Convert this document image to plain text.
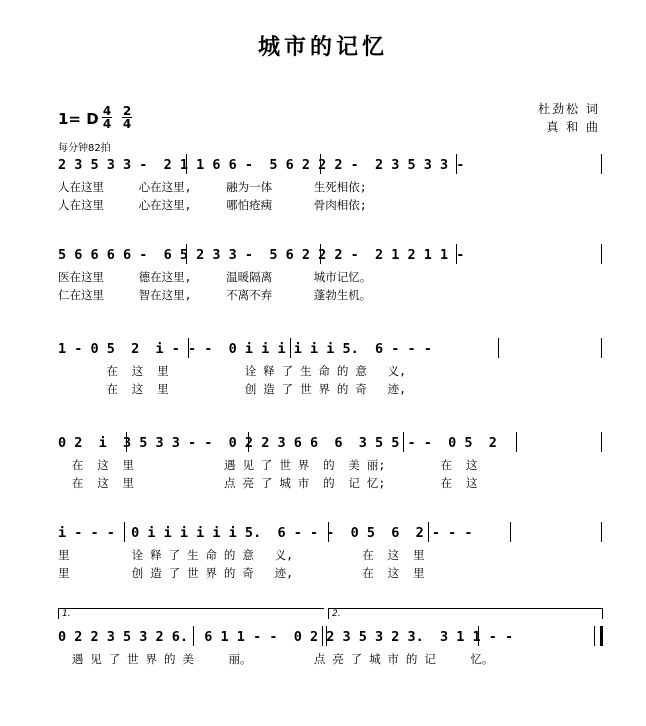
城市的记忆
1= D $\frac{4}{4} \frac{2}{4}$
每分钟82拍
杜劲松 词
真 和 曲
2 3 5 3 3 -  2 1 1 6 6 -  5 6 2 2 2 -  2 3 5 3 3 -
人在这里     心在这里,     融为一体      生死相依;
人在这里     心在这里,     哪怕疮痍      骨肉相依;
5 6 6 6 6 -  6 5 2 3 3 -  5 6 2 2 2 -  2 1 2 1 1 -
医在这里     德在这里,     温暖隔离      城市记忆。
仁在这里     智在这里,     不离不弃      蓬勃生机。
1 - 0 5  2  i - - -  0 i i i i i i 5.  6 - - -
在  这  里           诠 释 了 生 命 的 意   义,
在  这  里           创 造 了 世 界 的 奇   迹,
0 2  i  3 5 3 3 - -  0 2 2 3 6 6  6  3 5 5 - -  0 5  2
在  这  里             遇 见 了 世 界  的  美 丽;        在  这
在  这  里             点 亮 了 城 市  的  记 忆;        在  这
i - - -  0 i i i i i i 5.  6 - - -  0 5  6  2 - - -
里         诠 释 了 生 命 的 意   义,          在  这  里
里         创 造 了 世 界 的 奇   迹,          在  这  里
1.	2.
0 2 2 3 5 3 2 6.  6 1 1 - -  0 2 2 3 5 3 2 3.  3 1 1 - -
遇 见 了 世 界 的 美     丽。         点 亮 了 城 市 的 记     忆。
